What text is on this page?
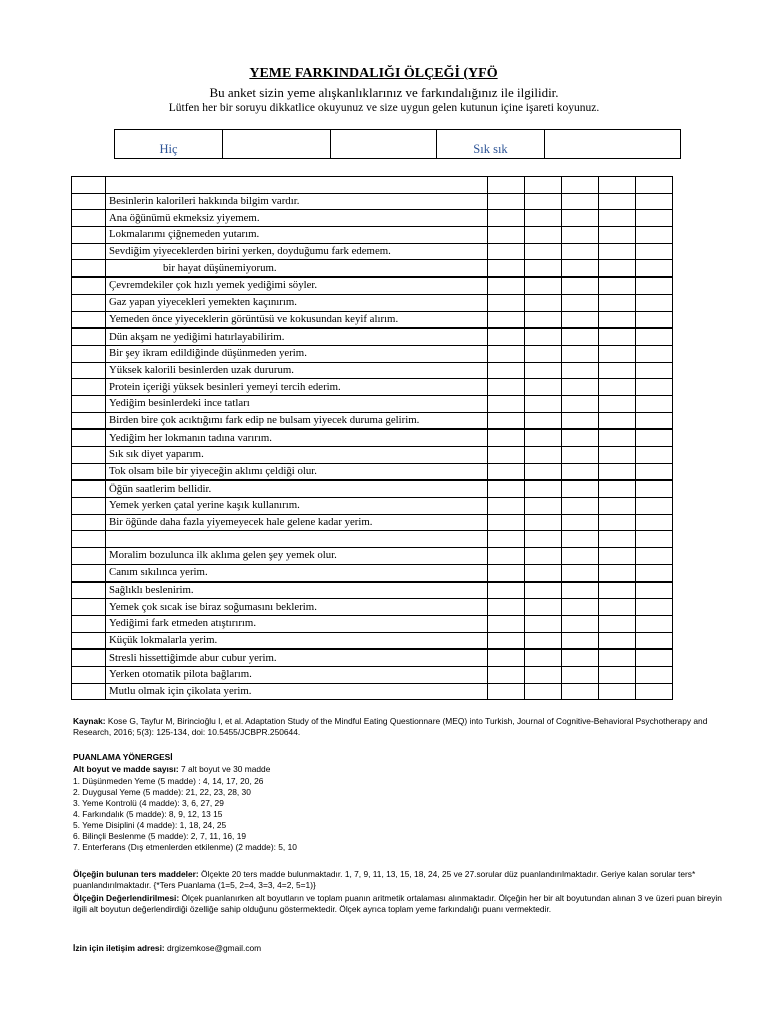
YEME FARKINDALIĞI ÖLÇEĞİ (YFÖ
Bu anket sizin yeme alışkanlıklarınız ve farkındalığınız ile ilgilidir.
Lütfen her bir soruyu dikkatlice okuyunuz ve size uygun gelen kutunun içine işareti koyunuz.
Hiç			Sık sık	

	Besinlerin kalorileri hakkında bilgim vardır.					
	Ana öğünümü ekmeksiz yiyemem.					
	Lokmalarımı çiğnemeden yutarım.					
	Sevdiğim yiyeceklerden birini yerken, doyduğumu fark edemem.					
	bir hayat düşünemiyorum.					
	Çevremdekiler çok hızlı yemek yediğimi söyler.					
	Gaz yapan yiyecekleri yemekten kaçınırım.					
	Yemeden önce yiyeceklerin görüntüsü ve kokusundan keyif alırım.					
	Dün akşam ne yediğimi hatırlayabilirim.					
	Bir şey ikram edildiğinde düşünmeden yerim.					
	Yüksek kalorili besinlerden uzak dururum.					
	Protein içeriği yüksek besinleri yemeyi tercih ederim.					
	Yediğim besinlerdeki ince tatları					
	Birden bire çok acıktığımı fark edip ne bulsam yiyecek duruma gelirim.					
	Yediğim her lokmanın tadına varırım.					
	Sık sık diyet yaparım.					
	Tok olsam bile bir yiyeceğin aklımı çeldiği olur.					
	Öğün saatlerim bellidir.					
	Yemek yerken çatal yerine kaşık kullanırım.					
	Bir öğünde daha fazla yiyemeyecek hale gelene kadar yerim.					

	Moralim bozulunca ilk aklıma gelen şey yemek olur.					
	Canım sıkılınca yerim.					
	Sağlıklı beslenirim.					
	Yemek çok sıcak ise biraz soğumasını beklerim.					
	Yediğimi fark etmeden atıştırırım.					
	Küçük lokmalarla yerim.					
	Stresli hissettiğimde abur cubur yerim.					
	Yerken otomatik pilota bağlarım.					
	Mutlu olmak için çikolata yerim.					
Kaynak: Kose G, Tayfur M, Birincioğlu I, et al. Adaptation Study of the Mindful Eating Questionnare (MEQ) into Turkish, Journal of Cognitive-Behavioral Psychotherapy and Research, 2016; 5(3): 125-134, doi: 10.5455/JCBPR.250644.
PUANLAMA YÖNERGESİ
Alt boyut ve madde sayısı: 7 alt boyut ve 30 madde
1. Düşünmeden Yeme (5 madde) : 4, 14, 17, 20, 26
2. Duygusal Yeme (5 madde): 21, 22, 23, 28, 30
3. Yeme Kontrolü (4 madde): 3, 6, 27, 29
4. Farkındalık (5 madde): 8, 9, 12, 13 15
5. Yeme Disiplini (4 madde): 1, 18, 24, 25
6. Bilinçli Beslenme (5 madde): 2, 7, 11, 16, 19
7. Enterferans (Dış etmenlerden etkilenme) (2 madde): 5, 10
Ölçeğin bulunan ters maddeler: Ölçekte 20 ters madde bulunmaktadır. 1, 7, 9, 11, 13, 15, 18, 24, 25 ve 27.sorular düz puanlandırılmaktadır. Geriye kalan sorular ters* puanlandırılmaktadır. {*Ters Puanlama (1=5, 2=4, 3=3, 4=2, 5=1)}
Ölçeğin Değerlendirilmesi: Ölçek puanlanırken alt boyutların ve toplam puanın aritmetik ortalaması alınmaktadır. Ölçeğin her bir alt boyutundan alınan 3 ve üzeri puan bireyin ilgili alt boyutun değerlendirdiği özelliğe sahip olduğunu göstermektedir. Ölçek ayrıca toplam yeme farkındalığı puanı vermektedir.
İzin için iletişim adresi: drgizemkose@gmail.com
